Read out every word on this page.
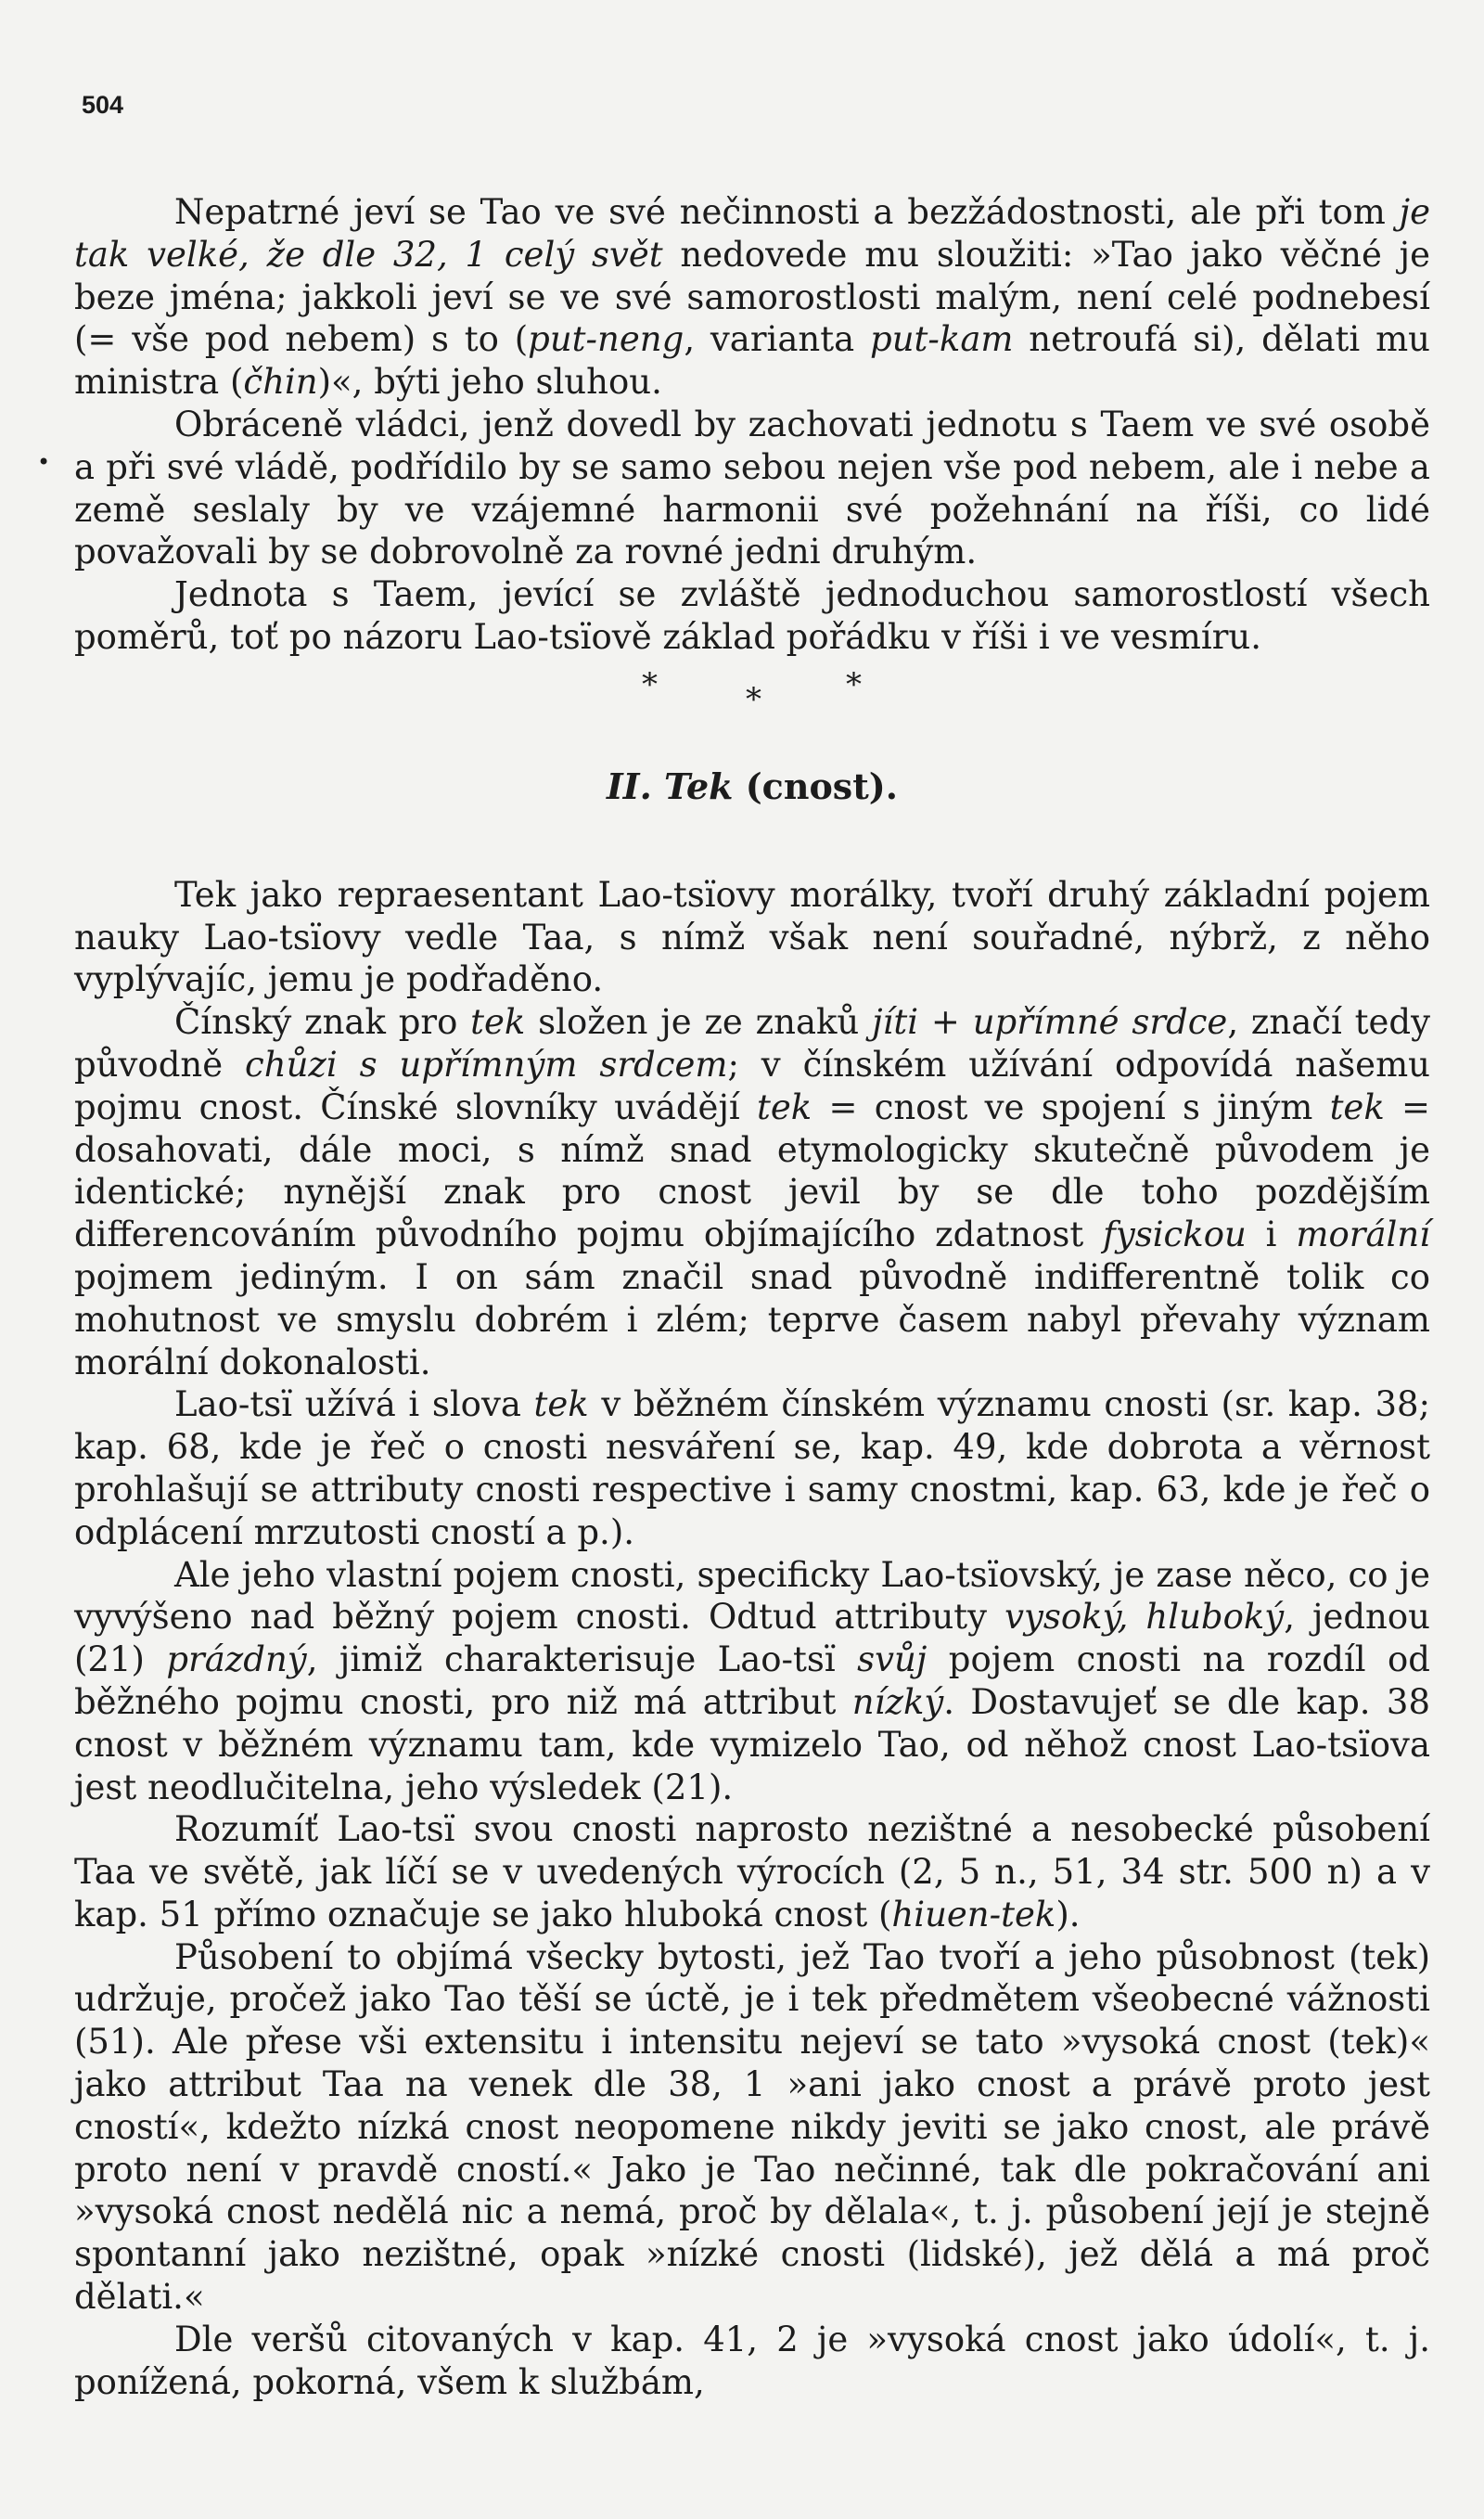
504
•

Nepatrné jeví se Tao ve své nečinnosti a bezžádostnosti, ale při tom je tak velké, že dle 32, 1 celý svět nedovede mu sloužiti: »Tao jako věčné je beze jména; jakkoli jeví se ve své samorostlosti malým, není celé podnebesí (= vše pod nebem) s to (put-neng, varianta put-kam netroufá si), dělati mu ministra (čhin)«, býti jeho sluhou.

Obráceně vládci, jenž dovedl by zachovati jednotu s Taem ve své osobě a při své vládě, podřídilo by se samo sebou nejen vše pod nebem, ale i nebe a země seslaly by ve vzájemné harmonii své požehnání na říši, co lidé považovali by se dobrovolně za rovné jedni druhým.

Jednota s Taem, jevící se zvláště jednoduchou samorostlostí všech poměrů, toť po názoru Lao-tsïově základ pořádku v říši i ve vesmíru.

*	*	*
II. Tek (cnost).

Tek jako repraesentant Lao-tsïovy morálky, tvoří druhý základní pojem nauky Lao-tsïovy vedle Taa, s nímž však není souřadné, nýbrž, z něho vyplývajíc, jemu je podřaděno.

Čínský znak pro tek složen je ze znaků jíti + upřímné srdce, značí tedy původně chůzi s upřímným srdcem; v čínském užívání odpovídá našemu pojmu cnost. Čínské slovníky uvádějí tek = cnost ve spojení s jiným tek = dosahovati, dále moci, s nímž snad etymologicky skutečně původem je identické; nynější znak pro cnost jevil by se dle toho pozdějším differencováním původního pojmu objímajícího zdatnost fysickou i morální pojmem jediným. I on sám značil snad původně indifferentně tolik co mohutnost ve smyslu dobrém i zlém; teprve časem nabyl převahy význam morální dokonalosti.

Lao-tsï užívá i slova tek v běžném čínském významu cnosti (sr. kap. 38; kap. 68, kde je řeč o cnosti nesváření se, kap. 49, kde dobrota a věrnost prohlašují se attributy cnosti respective i samy cnostmi, kap. 63, kde je řeč o odplácení mrzutosti cností a p.).

Ale jeho vlastní pojem cnosti, specificky Lao-tsïovský, je zase něco, co je vyvýšeno nad běžný pojem cnosti. Odtud attributy vysoký, hluboký, jednou (21) prázdný, jimiž charakterisuje Lao-tsï svůj pojem cnosti na rozdíl od běžného pojmu cnosti, pro niž má attribut nízký. Dostavujeť se dle kap. 38 cnost v běžném významu tam, kde vymizelo Tao, od něhož cnost Lao-tsïova jest neodlučitelna, jeho výsledek (21).

Rozumíť Lao-tsï svou cnosti naprosto nezištné a nesobecké působení Taa ve světě, jak líčí se v uvedených výrocích (2, 5 n., 51, 34 str. 500 n) a v kap. 51 přímo označuje se jako hluboká cnost (hiuen-tek).

Působení to objímá všecky bytosti, jež Tao tvoří a jeho působnost (tek) udržuje, pročež jako Tao těší se úctě, je i tek předmětem všeobecné vážnosti (51). Ale přese vši extensitu i intensitu nejeví se tato »vysoká cnost (tek)« jako attribut Taa na venek dle 38, 1 »ani jako cnost a právě proto jest cností«, kdežto nízká cnost neopomene nikdy jeviti se jako cnost, ale právě proto není v pravdě cností.« Jako je Tao nečinné, tak dle pokračování ani »vysoká cnost nedělá nic a nemá, proč by dělala«, t. j. působení její je stejně spontanní jako nezištné, opak »nízké cnosti (lidské), jež dělá a má proč dělati.«

Dle veršů citovaných v kap. 41, 2 je »vysoká cnost jako údolí«, t. j. ponížená, pokorná, všem k službám,
